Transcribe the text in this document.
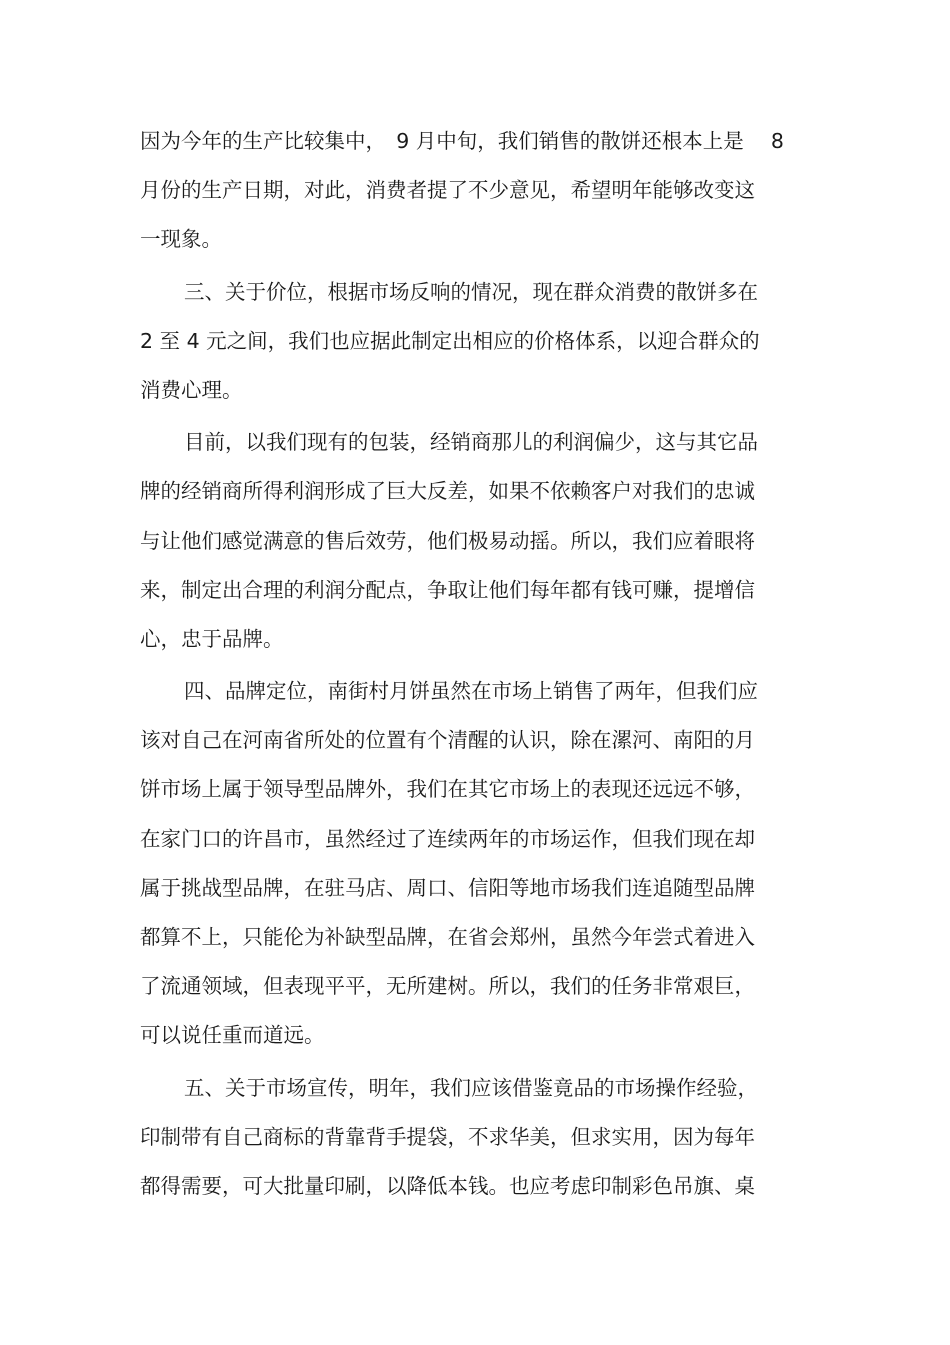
因为今年的生产比较集中，　9 月中旬，我们销售的散饼还根本上是　 8
月份的生产日期，对此，消费者提了不少意见，希望明年能够改变这
一现象。
三、关于价位，根据市场反响的情况，现在群众消费的散饼多在
2 至 4 元之间，我们也应据此制定出相应的价格体系，以迎合群众的
消费心理。
目前，以我们现有的包装，经销商那儿的利润偏少，这与其它品
牌的经销商所得利润形成了巨大反差，如果不依赖客户对我们的忠诚
与让他们感觉满意的售后效劳，他们极易动摇。所以，我们应着眼将
来，制定出合理的利润分配点，争取让他们每年都有钱可赚，提增信
心，忠于品牌。
四、品牌定位，南街村月饼虽然在市场上销售了两年，但我们应
该对自己在河南省所处的位置有个清醒的认识，除在漯河、南阳的月
饼市场上属于领导型品牌外，我们在其它市场上的表现还远远不够，
在家门口的许昌市，虽然经过了连续两年的市场运作，但我们现在却
属于挑战型品牌，在驻马店、周口、信阳等地市场我们连追随型品牌
都算不上，只能伦为补缺型品牌，在省会郑州，虽然今年尝式着进入
了流通领域，但表现平平，无所建树。所以，我们的任务非常艰巨，
可以说任重而道远。
五、关于市场宣传，明年，我们应该借鉴竟品的市场操作经验，
印制带有自己商标的背靠背手提袋，不求华美，但求实用，因为每年
都得需要，可大批量印刷，以降低本钱。也应考虑印制彩色吊旗、桌
